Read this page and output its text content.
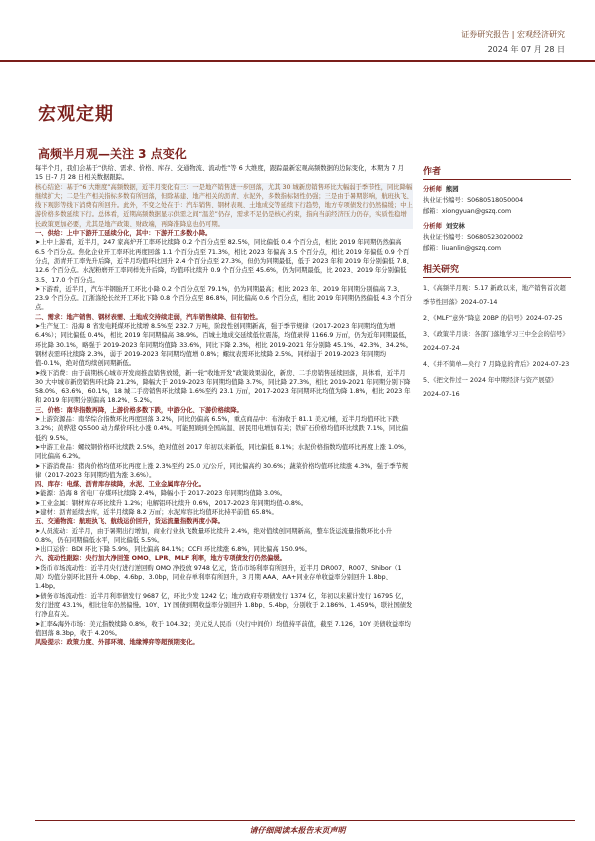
证券研究报告 | 宏观经济研究
2024 年 07 月 28 日
宏观定期
高频半月观—关注 3 点变化

每半个月，我们会基于“供给、需求、价格、库存、交通物流、流动性”等 6 大维度，跟踪最新宏观高频数据的边际变化，本期为 7 月 15 日-7 月 28 日相关数据跟踪。

核心结论：基于“6 大维度”高频数据，近半月变化有三：一是地产销售进一步回落，尤其 30 城新房销售环比大幅弱于季节性，同比降幅继续扩大；二是生产相关指标多数有所回落，但除基建、地产相关的沥青、水泥外，多数指标韧性仍强；三是由于暑期影响，航班执飞、线下观影等线下消费有所回升。此外，不变之处在于：汽车销售、钢材表观、土地成交等延续下行趋势，地方专项债发行仍然偏缓；中上游价格多数延续下行。总体看，近期高频数据显示供需之间“温差”仍存，需求不足仍是核心约束，指向当前经济压力仍存，实质性稳增长政策更加必要，尤其是地产政策、财政端，再降准降息也仍可期。

一、供给：上中下游开工延续分化，其中：下游开工多数小降。

➤上中上游看，近半月，247 家高炉开工率环比续降 0.2 个百分点至 82.5%，同比偏低 0.4 个百分点，相比 2019 年同期仍然偏高 6.5 个百分点。焦化企业开工率环比再度回落 1.1 个百分点至 71.3%，相比 2023 年偏高 3.5 个百分点，相比 2019 年偏低 0.9 个百分点，沥青开工率先升后降，近半月均值环比回升 2.4 个百分点至 27.3%，但仍为同期最低，低于 2023 年和 2019 年分别偏低 7.8、12.6 个百分点。水泥粉磨开工率同样先升后降，均值环比续升 0.9 个百分点至 45.6%，仍为同期最低，比 2023、2019 年分别偏低 3.5、17.0 个百分点。

➤下游看，近半月，汽车半钢胎开工环比小降 0.2 个百分点至 79.1%，仍为同期最高；相比 2023 年、2019 年同期分别偏高 7.3、23.9 个百分点。江浙涤纶长丝开工环比下降 0.8 个百分点至 86.8%，同比偏高 0.6 个百分点，相比 2019 年同期仍然偏低 4.3 个百分点。

二、需求：地产销售、钢材表需、土地成交持续走弱，汽车销售续降、但有韧性。

➤生产复工：沿海 8 省发电耗煤环比续增 8.5%至 232.7 万吨，阶段性创同期新高，强于季节规律（2017-2023 年同期均值为增 6.4%）；同比偏低 0.4%，相比 2019 年同期偏高 38.9%。百城土地成交延续低位震荡，均值录得 1166.9 万㎡，仍为近年同期最低，环比降 30.1%，略强于 2019-2023 年同期均值降 33.6%，同比下降 2.3%，相比 2019-2021 年分别降 45.1%、42.3%、34.2%。钢材表需环比续降 2.3%，弱于 2019-2023 年同期均值增 0.8%；螺纹表需环比续降 2.5%。同样弱于 2019-2023 年同期均值-0.1%，绝对值均续创同期新低。

➤线下消费：由于前期核心城市开发商推盘销售放缓，新一轮“收地开发”政策效果弱化，新房、二手房销售延续回落，具体看，近半月 30 大中城市新房销售环比降 21.2%，降幅大于 2019-2023 年同期均值降 3.7%，同比降 27.3%，相比 2019-2021 年同期分别下降 58.0%、63.6%、60.1%，18 城二手房销售环比续降 1.6%至约 23.1 万㎡，2017-2023 年同期环比均值为降 1.8%，相比 2023 年和 2019 年同期分别偏高 18.2%、5.2%。

三、价格：南华指数再降，上游价格多数下跌，中游分化、下游价格续降。

➤上游资源品：南华综合指数环比再度回落 3.2%，同比仍偏高 6.5%，重点商品中：布油收于 81.1 美元/桶，近半月均值环比下跌 3.2%；黄骅港 Q5500 动力煤价环比小涨 0.4%。可能照顾到全国高温、居民用电增加有关；铁矿石价格均值环比续跌 7.1%，同比偏低约 9.5%。

➤中游工业品：螺纹钢价格环比续跌 2.5%，绝对值创 2017 年初以来新低，同比偏低 8.1%；水泥价格指数均值环比再度上涨 1.0%，同比偏高 6.2%。

➤下游消费品：猪肉价格均值环比再度上涨 2.3%至约 25.0 元/公斤，同比偏高约 30.6%；蔬菜价格均值环比续涨 4.3%，强于季节规律（2017-2023 年同期均值为涨 3.6%）。

四、库存：电煤、沥青库存续降，水泥、工业金属库存分化。

➤能源：沿海 8 省电厂存煤环比续降 2.4%，降幅小于 2017-2023 年同期均值降 3.0%。

➤工业金属：钢材库存环比续升 1.2%；电解铝环比续升 0.6%，2017-2023 年同期均值-0.8%。

➤建材：沥青延续去库，近半月续降 8.2 万㎡；水泥库容比均值环比持平前值 65.8%。

五、交通物流：航班执飞、航线运价回升，货运流量指数再度小降。

➤人员流动：近半月，由于暑期出行增加，商业行业执飞数量环比续升 2.4%，绝对值续创同期新高，整车货运流量指数环比小升 0.8%，仍在同期偏低水平，同比偏低 5.5%。

➤出口运价：BDI 环比下降 5.9%，同比偏高 84.1%；CCFI 环比续涨 6.8%，同比偏高 150.9%。

六、流动性跟踪：央行加大净回笼 OMO、LPR、MLF 利率，地方专项债发行仍然偏缓。

➤货币市场流动性：近半月央行进行逆回购 OMO 净投放 9748 亿元，货币市场利率有所回升，近半月 DR007、R007、Shibor（1 周）均值分别环比回升 4.0bp、4.6bp、3.0bp，同业存单利率有所回升，3 月期 AAA、AA+同业存单收益率分别回升 1.8bp、1.4bp。

➤债务市场流动性：近半月利率债发行 9687 亿，环比少发 1242 亿；地方政府专项债发行 1374 亿，年初以来累计发行 16795 亿，发行进度 43.1%，相比往年仍然偏慢。10Y、1Y 国债到期收益率分别回升 1.8bp、5.4bp，分别收于 2.186%、1.459%，联社国债发行净息有关。

➤汇率&海外市场：美元指数续降 0.8%，收于 104.32；美元兑人民币（央行中间价）均值持平前值，截至 7.126，10Y 美债收益率均值回落 8.3bp，收于 4.20%。

风险提示：政策力度、外部环境、地缘博弈等超预期变化。

作者
分析师 熊园
执业证书编号：S0680518050004
邮箱：xiongyuan@gszq.com
分析师 刘安林
执业证书编号：S0680523020002
邮箱：liuanlin@gszq.com
相关研究
1、《高频半月观：5.17 新政以来，地产销售首次超季节性回落》2024-07-14
2、《MLF“意外”降息 20BP 的信号》2024-07-25
3、《政策半月谈：各部门落地学习三中全会的信号》2024-07-24
4、《并不简单—央行 7 月降息的背后》2024-07-23
5、《把文件过一 2024 年中期经济与资产展望》2024-07-16
请仔细阅读本报告末页声明
